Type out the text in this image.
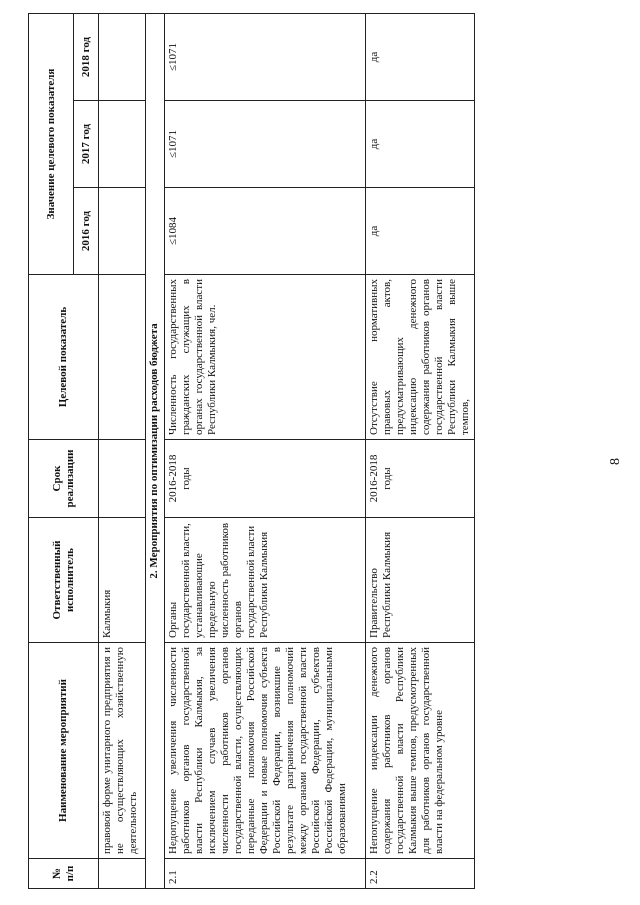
№ п/п	Наименование мероприятий	Ответственный исполнитель	Срок реализации	Целевой показатель	Значение целевого показателя		
					2016 год	2017 год	2018 год
	правовой форме унитарного предприятия и не осуществляющих хозяйственную деятельность	Калмыкия					
2. Мероприятия по оптимизации расходов бюджета							
2.1	Недопущение увеличения численности работников органов государственной власти Республики Калмыкия, за исключением случаев увеличения численности работников органов государственной власти, осуществляющих переданные полномочия Российской Федерации и новые полномочия субъекта Российской Федерации, возникшие в результате разграничения полномочий между органами государственной власти Российской Федерации, субъектов Российской Федерации, муниципальными образованиями	Органы государственной власти, устанавливающие предельную численность работников органов государственной власти Республики Калмыкия	2016-2018 годы	Численность государственных гражданских служащих в органах государственной власти Республики Калмыкия, чел.	≤1084	≤1071	≤1071
2.2	Непопущение индексации денежного содержания работников органов государственной власти Республики Калмыкия выше темпов, предусмотренных для работников органов государственной власти на федеральном уровне	Правительство Республики Калмыкия	2016-2018 годы	Отсутствие нормативных правовых актов, предусматривающих индексацию денежного содержания работников органов государственной власти Республики Калмыкия выше темпов,	да	да	да
8
